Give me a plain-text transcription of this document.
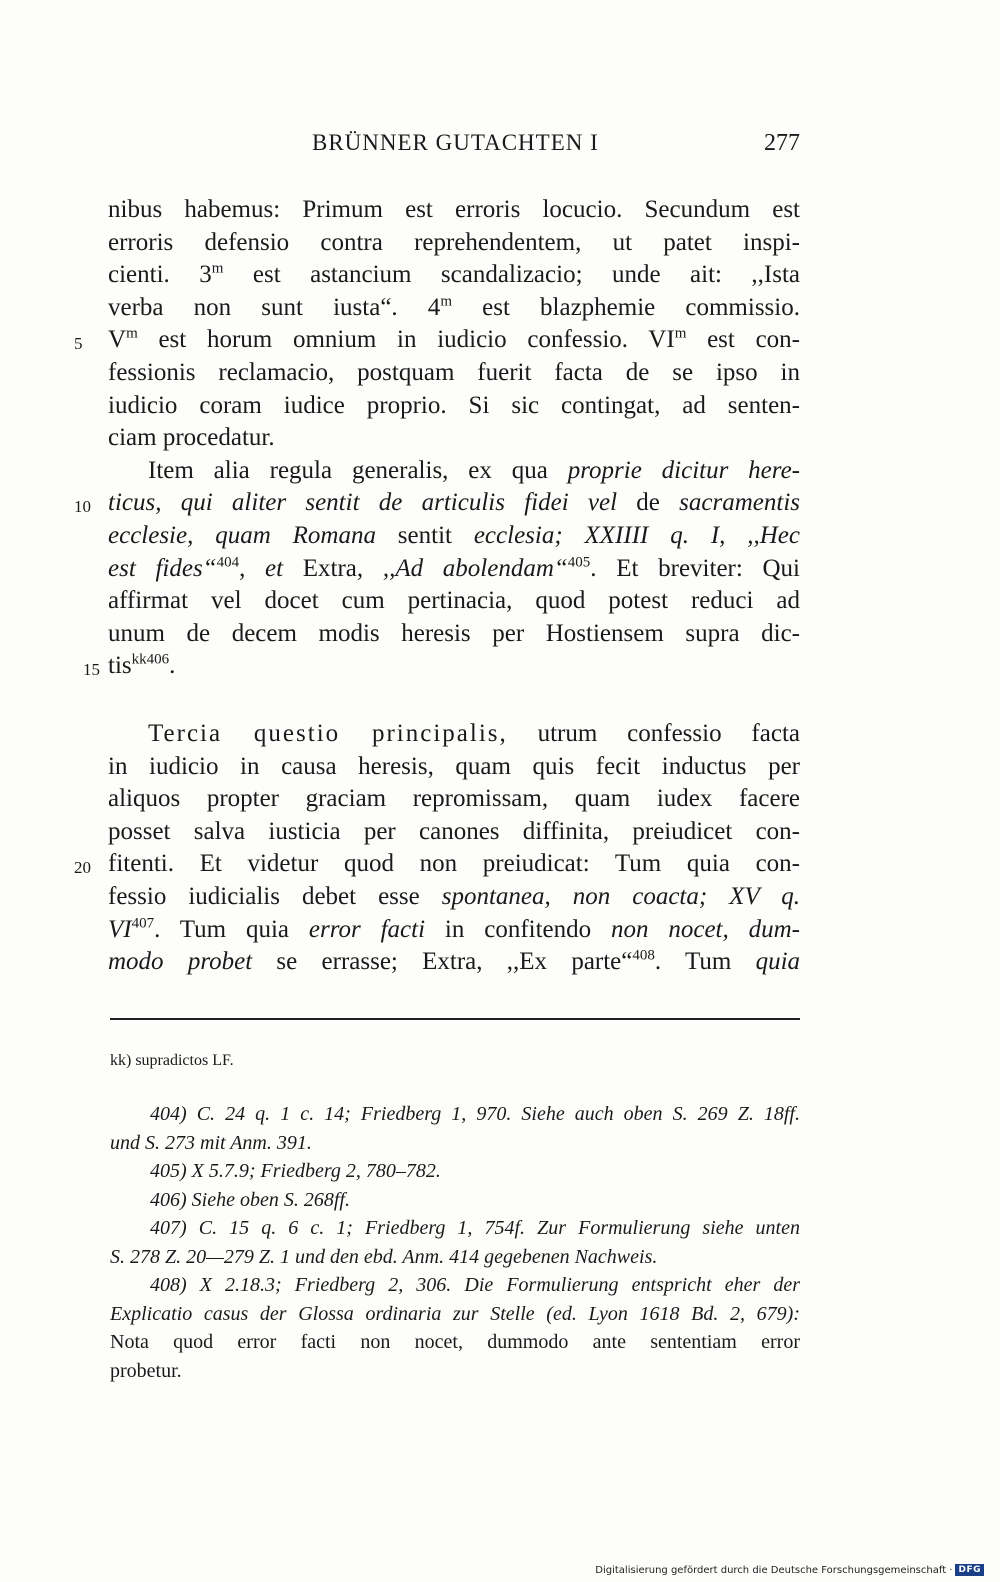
BRÜNNER GUTACHTEN I	277
nibus habemus: Primum est erroris locucio. Secundum est
erroris defensio contra reprehendentem, ut patet inspi-
cienti. 3$^m$ est astancium scandalizacio; unde ait: ,,Ista
verba non sunt iusta“. 4$^m$ est blazphemie commissio.
5	$V^m$ est horum omnium in iudicio confessio. $VI^m$ est con-
fessionis reclamacio, postquam fuerit facta de se ipso in
iudicio coram iudice proprio. Si sic contingat, ad senten-
ciam procedatur.
Item alia regula generalis, ex qua proprie dicitur here-
10 ticus, qui aliter sentit de articulis fidei vel de sacramentis
ecclesie, quam Romana sentit ecclesia; XXIIII q. I, ,,Hec
est fides“$^{404}$, et Extra, ,,Ad abolendam“$^{405}$. Et breviter: Qui
affirmat vel docet cum pertinacia, quod potest reduci ad
unum de decem modis heresis per Hostiensem supra dic-
15 tis$^{kk406}$.
Tercia questio principalis, utrum confessio facta
in iudicio in causa heresis, quam quis fecit inductus per
aliquos propter graciam repromissam, quam iudex facere
posset salva iusticia per canones diffinita, preiudicet con-
20 fitenti. Et videtur quod non preiudicat: Tum quia con-
fessio iudicialis debet esse spontanea, non coacta; XV q.
VI$^{407}$. Tum quia error facti in confitendo non nocet, dum-
modo probet se errasse; Extra, ,,Ex parte“$^{408}$. Tum quia
kk) supradictos LF.
404) C. 24 q. 1 c. 14; Friedberg 1, 970. Siehe auch oben S. 269 Z. 18ff.
und S. 273 mit Anm. 391.
405) X 5.7.9; Friedberg 2, 780–782.
406) Siehe oben S. 268ff.
407) C. 15 q. 6 c. 1; Friedberg 1, 754f. Zur Formulierung siehe unten
S. 278 Z. 20—279 Z. 1 und den ebd. Anm. 414 gegebenen Nachweis.
408) X 2.18.3; Friedberg 2, 306. Die Formulierung entspricht eher der
Explicatio casus der Glossa ordinaria zur Stelle (ed. Lyon 1618 Bd. 2, 679):
Nota quod error facti non nocet, dummodo ante sententiam error
probetur.
Digitalisierung gefördert durch die Deutsche Forschungsgemeinschaft · DFG
